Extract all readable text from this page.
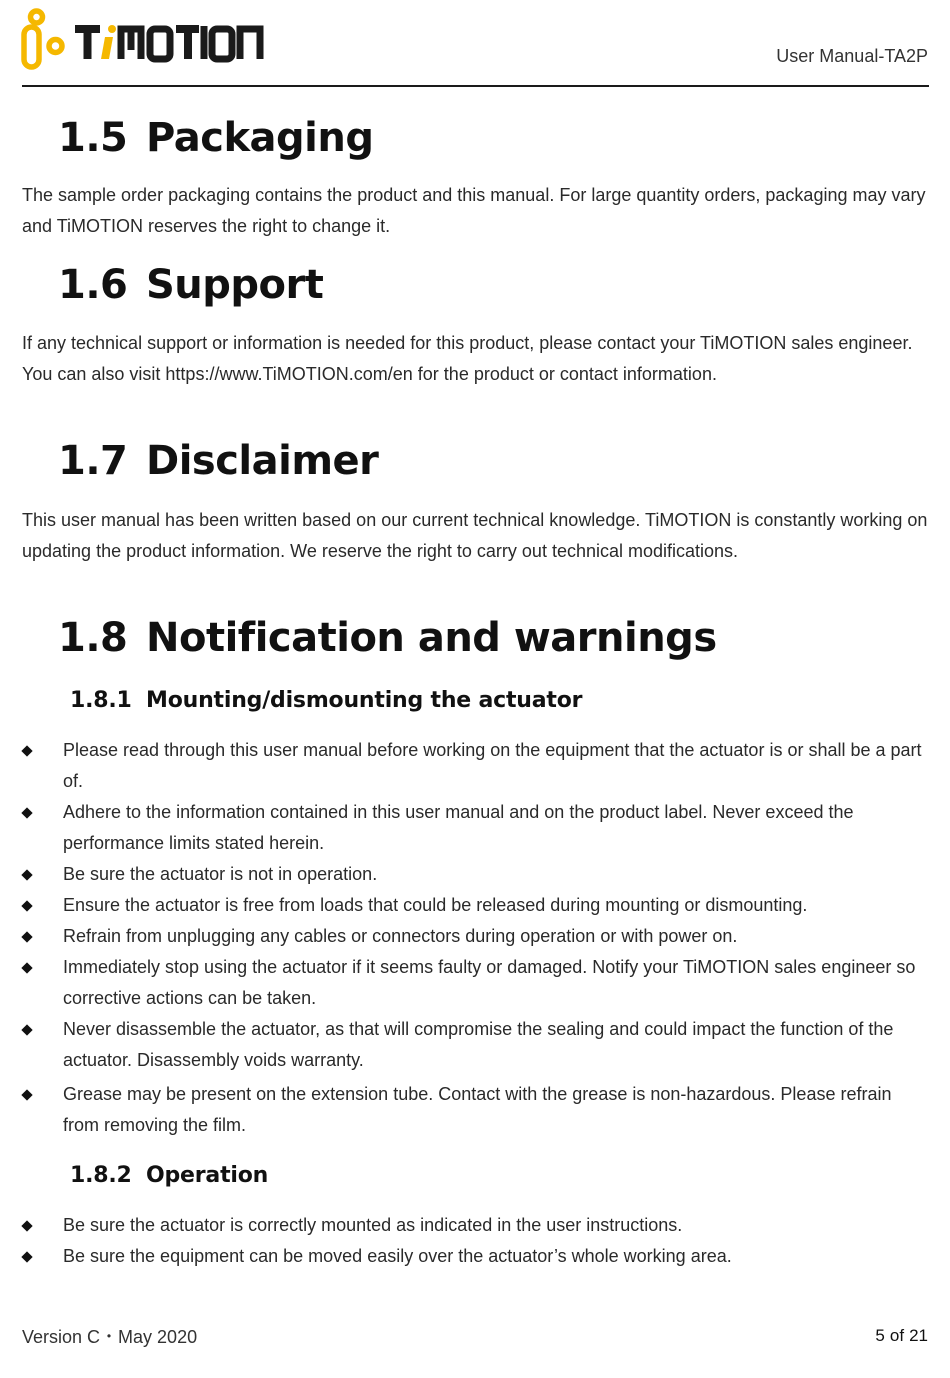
User Manual-TA2P
1.5 Packaging

The sample order packaging contains the product and this manual. For large quantity orders, packaging may vary and TiMOTION reserves the right to change it.

1.6 Support

If any technical support or information is needed for this product, please contact your TiMOTION sales engineer. You can also visit https://www.TiMOTION.com/en for the product or contact information.

1.7 Disclaimer

This user manual has been written based on our current technical knowledge. TiMOTION is constantly working on updating the product information. We reserve the right to carry out technical modifications.

1.8 Notification and warnings
1.8.1 Mounting/dismounting the actuator
Please read through this user manual before working on the equipment that the actuator is or shall be a part of.
Adhere to the information contained in this user manual and on the product label. Never exceed the performance limits stated herein.
Be sure the actuator is not in operation.
Ensure the actuator is free from loads that could be released during mounting or dismounting.
Refrain from unplugging any cables or connectors during operation or with power on.
Immediately stop using the actuator if it seems faulty or damaged. Notify your TiMOTION sales engineer so corrective actions can be taken.
Never disassemble the actuator, as that will compromise the sealing and could impact the function of the actuator. Disassembly voids warranty.
Grease may be present on the extension tube. Contact with the grease is non-hazardous. Please refrain from removing the film.
1.8.2 Operation
Be sure the actuator is correctly mounted as indicated in the user instructions.
Be sure the equipment can be moved easily over the actuator’s whole working area.
Version C・May 2020	5 of 21
